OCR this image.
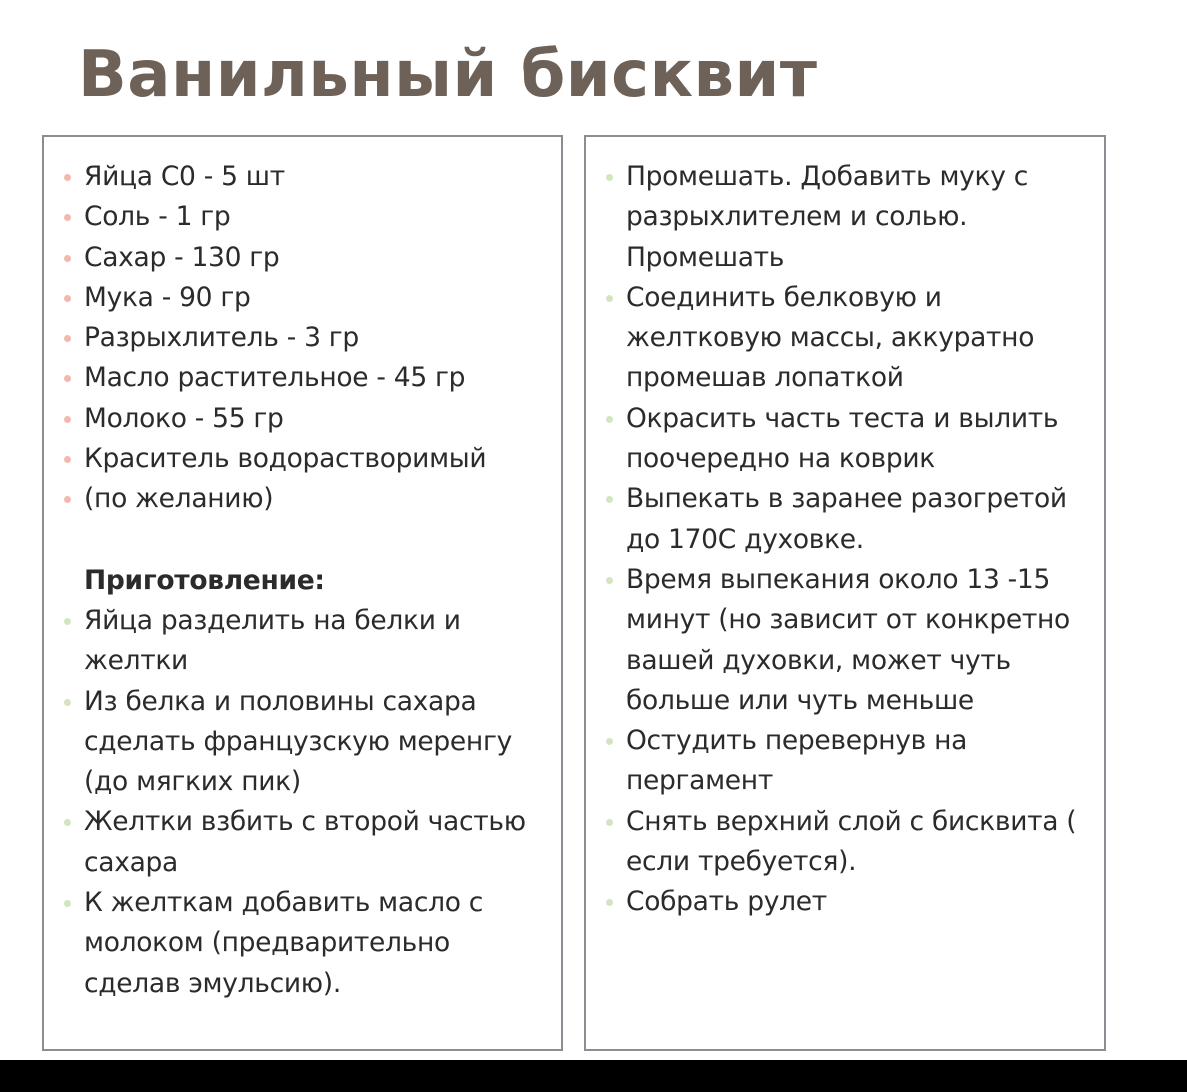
Ванильный бисквит
Яйца С0 - 5 шт
Соль - 1 гр
Сахар - 130 гр
Мука - 90 гр
Разрыхлитель - 3 гр
Масло растительное - 45 гр
Молоко - 55 гр
Краситель водорастворимый
(по желанию)
Приготовление:
Яйца разделить на белки и желтки
Из белка и половины сахара сделать французскую меренгу (до мягких пик)
Желтки взбить с второй частью сахара
К желткам добавить масло с молоком (предварительно сделав эмульсию).
Промешать. Добавить муку с разрыхлителем и солью. Промешать
Соединить белковую и желтковую массы, аккуратно промешав лопаткой
Окрасить часть теста и вылить поочередно на коврик
Выпекать в заранее разогретой до 170С духовке.
Время выпекания около 13 -15 минут (но зависит от конкретно вашей духовки, может чуть больше или чуть меньше
Остудить перевернув на пергамент
Снять верхний слой с бисквита ( если требуется).
Собрать рулет
